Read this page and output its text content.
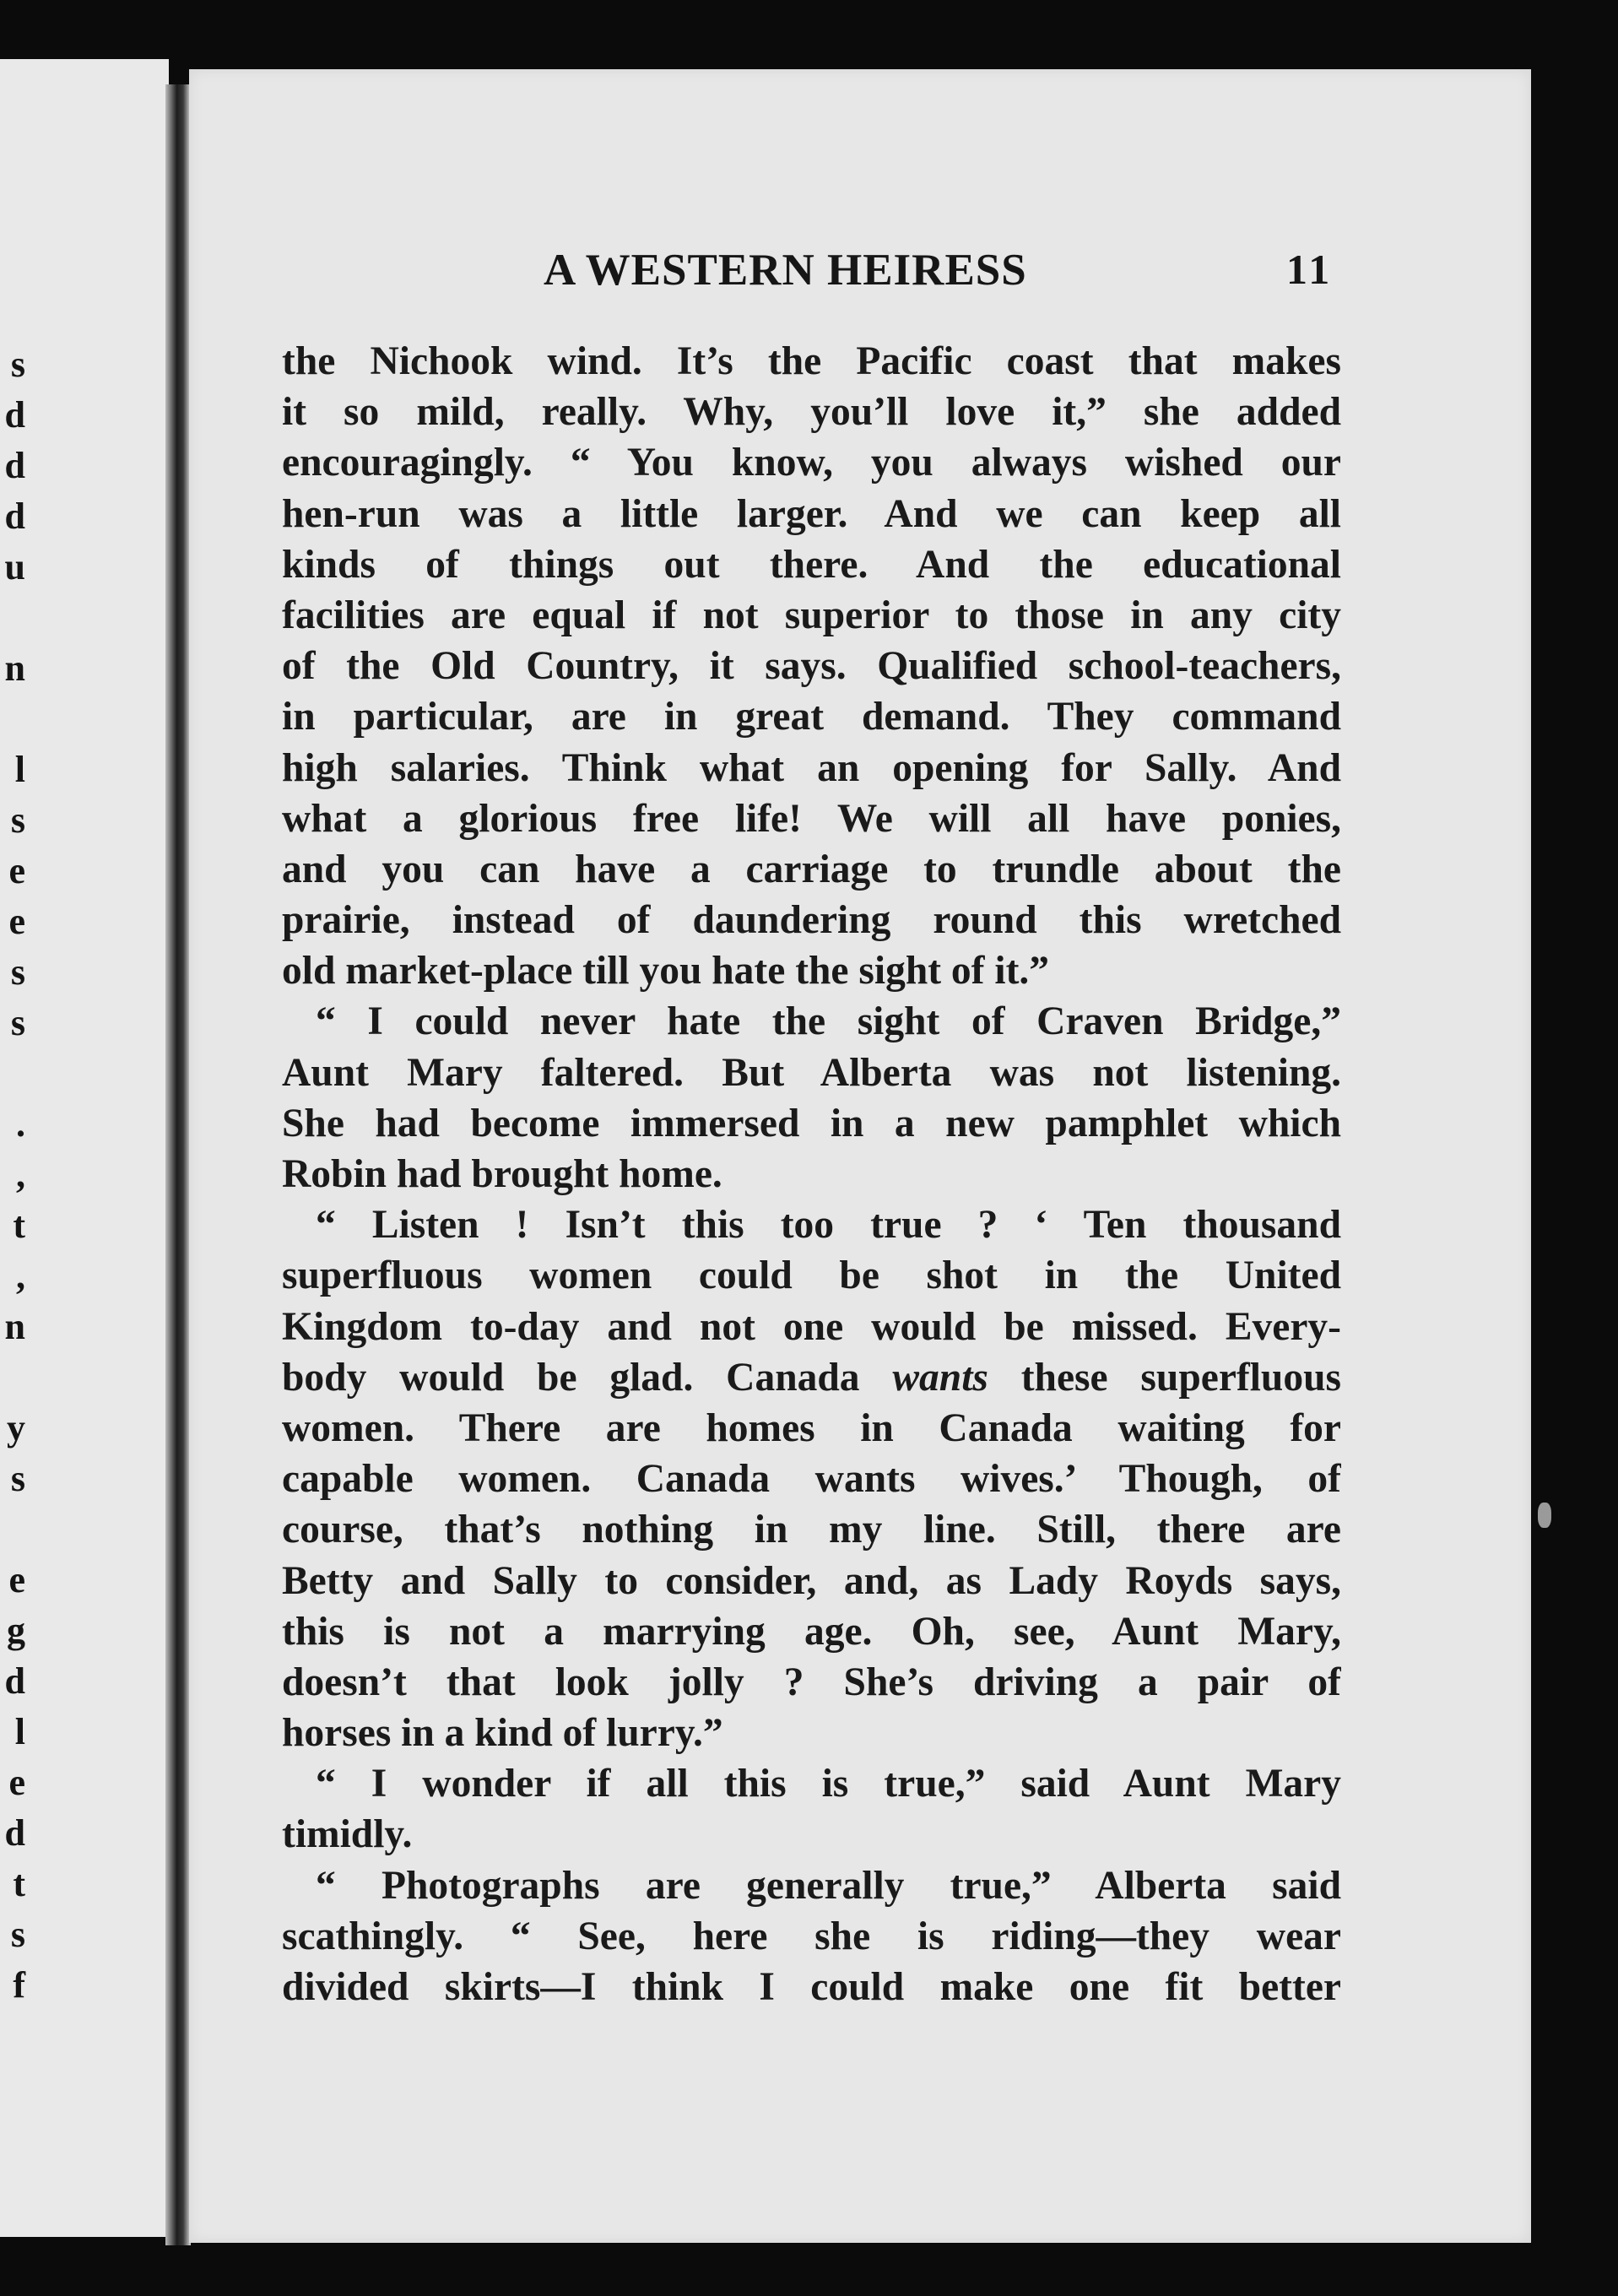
s
d
d
d
u
n
l
s
e
e
s
s
.
,
t
,
n
y
s
e
g
d
l
e
d
t
s
f
A WESTERN HEIRESS	11
the Nichook wind. It’s the Pacific coast that makes
it so mild, really. Why, you’ll love it,” she added
encouragingly. “ You know, you always wished our
hen-run was a little larger. And we can keep all
kinds of things out there. And the educational
facilities are equal if not superior to those in any city
of the Old Country, it says. Qualified school-teachers,
in particular, are in great demand. They command
high salaries. Think what an opening for Sally. And
what a glorious free life! We will all have ponies,
and you can have a carriage to trundle about the
prairie, instead of daundering round this wretched
old market-place till you hate the sight of it.”
“ I could never hate the sight of Craven Bridge,”
Aunt Mary faltered. But Alberta was not listening.
She had become immersed in a new pamphlet which
Robin had brought home.
“ Listen ! Isn’t this too true ? ‘ Ten thousand
superfluous women could be shot in the United
Kingdom to-day and not one would be missed. Every-
body would be glad. Canada wants these superfluous
women. There are homes in Canada waiting for
capable women. Canada wants wives.’ Though, of
course, that’s nothing in my line. Still, there are
Betty and Sally to consider, and, as Lady Royds says,
this is not a marrying age. Oh, see, Aunt Mary,
doesn’t that look jolly ? She’s driving a pair of
horses in a kind of lurry.”
“ I wonder if all this is true,” said Aunt Mary
timidly.
“ Photographs are generally true,” Alberta said
scathingly. “ See, here she is riding—they wear
divided skirts—I think I could make one fit better
